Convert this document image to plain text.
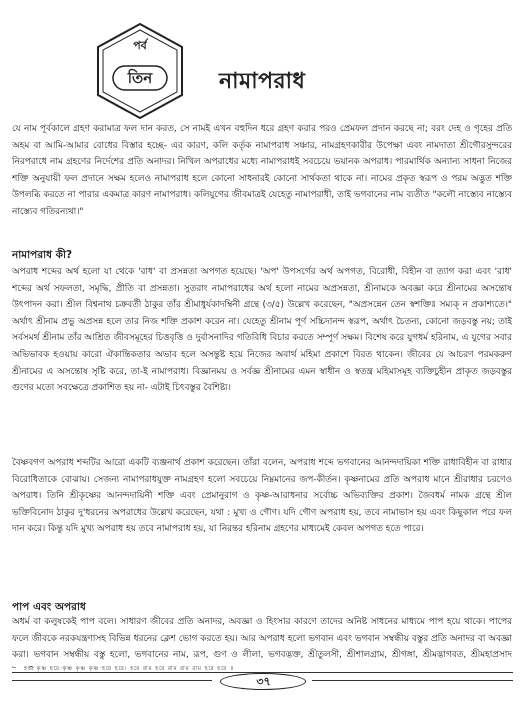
পর্ব
তিন	নামাপরাধ
যে নাম পূর্বকালে গ্রহণ করামাত্র ফল দান করত, সে নামই এখন বহুদিন ধরে গ্রহণ করার পরও প্রেমফল প্রদান করছে না; বরং দেহ ও গৃহের প্রতি অহম বা আমি-আমার বোধের বিস্তার হচ্ছে- এর কারণ, কলি কর্তৃক নামাপরাধ সঞ্চার, নামগ্রহণকারীর উপেক্ষা এবং নামদাতা শ্রীগৌরসুন্দরের নিরপরাধে নাম গ্রহণের নির্দেশের প্রতি অনাদর। নিখিল অপরাধের মধ্যে নামাপরাধই সবচেয়ে ভয়ানক অপরাধ। পারমার্থিক অন্যান্য সাধনা নিজের শক্তি অনুযায়ী ফল প্রদানে সক্ষম হলেও নামাপরাধ হলে কোনো সাধনারই কোনো সার্থকতা থাকে না। নামের প্রকৃত স্বরূপ ও পরম অদ্ভুত শক্তি উপলব্ধি করতে না পারার একমাত্র কারণ নামাপরাধ। কলিযুগের জীবমাত্রই যেহেতু নামাপরাধী, তাই ভগবানের নাম ব্যতীত "কলৌ নাস্ত্যেব নাস্ত্যেব নাস্ত্যেব গতিরন্যথা।"
নামাপরাধ কী?
অপরাধ শব্দের অর্থ হলো যা থেকে 'রাধ' বা প্রসন্নতা অপগত হয়েছে। 'অপ' উপসর্গের অর্থ অপগত, বিরোধী, বিহীন বা ত্যাগ করা এবং 'রাধ' শব্দের অর্থ সফলতা, সমৃদ্ধি, প্রীতি বা প্রসন্নতা। সুতরাং নামাপরাধের অর্থ হলো নামের অপ্রসন্নতা, শ্রীনামকে অবজ্ঞা করে শ্রীনামের অসন্তোষ উৎপাদন করা। শ্রীল বিশ্বনাথ চক্রবর্তী ঠাকুর তাঁর শ্রীমাধুর্যকাদম্বিনী গ্রন্থে (৩/৫) উল্লেখ করেছেন, "অপ্রসন্নেন তেন স্বশক্তিঃ সম্যক্ ন প্রকাশ্যতে।" অর্থাৎ শ্রীনাম প্রভু অপ্রসন্ন হলে তার নিজ শক্তি প্রকাশ করেন না। যেহেতু শ্রীনাম পূর্ণ সচ্চিদানন্দ স্বরূপ, অর্থাৎ চৈতন্য, কোনো জড়বস্তু নয়; তাই সর্বসমর্থ শ্রীনাম তাঁর আশ্রিত জীবসমূহের চিত্তবৃত্তি ও দুর্বাসনাদির গতিবিধি বিচার করতে সম্পূর্ণ সক্ষম। বিশেষ করে যুগধর্ম হরিনাম, এ যুগের সবার অভিভাবক হওয়ায় কারো ঐকান্তিকতার অভাব হলে অসন্তুষ্ট হয়ে নিজের অবার্থ মহিমা প্রকাশে বিরত থাকেন। জীবের যে আচরণ পরমকরুণ শ্রীনামের এ অসন্তোষ সৃষ্টি করে, তা-ই নামাপরাধ। বিজ্ঞানময় ও সর্বজ্ঞ শ্রীনামের এমন স্বাধীন ও স্বতন্ত্র মহিমাসমূহ ব্যক্তিচুহীন প্রাকৃত জড়বস্তুর গুণের মতো সবক্ষেত্রে প্রকাশিত হয় না- এটাই চিৎবস্তুর বৈশিষ্ট্য।
বৈষ্ণবগণ অপরাধ শব্দটির আরো একটি ব্যঞ্জনার্থ প্রকাশ করেছেন। তাঁরা বলেন, অপরাধ শব্দে ভগবানের আনন্দদায়িকা শক্তি রাধাবিহীন বা রাধার বিরোধিতাকে বোঝায়। সেজন্য নামাপরাধযুক্ত নামগ্রহণ হলো সবচেয়ে নিম্নমানের জপ-কীর্তন। কৃষ্ণনামের প্রতি অপরাধ মানে শ্রীরাধার চরণেও অপরাধ। তিনি শ্রীকৃষ্ণের আনন্দদায়িনী শক্তি এবং প্রেমানুরাগ ও কৃষ্ণ-আরাধনার সর্বোচ্চ অভিব্যক্তির প্রকাশ। জৈবধর্ম নামক গ্রন্থে শ্রীল ভক্তিবিনোদ ঠাকুর দু'ধরনের অপরাধের উল্লেখ করেছেন, যথা : মুখ্য ও গৌণ। যদি গৌণ অপরাধ হয়, তবে নামাভাস হয় এবং কিছুকাল পরে ফল দান করে। কিন্তু যদি মুখ্য অপরাধ হয় তবে নামাপরাধ হয়, যা নিরন্তর হরিনাম গ্রহণের মাধ্যমেই কেবল অপগত হতে পারে।
পাপ এবং অপরাধ
অধর্ম বা কলুষকেই পাপ বলে। সাধারণ জীবের প্রতি অনাদর, অবজ্ঞা ও হিংসার কারণে তাদের অনিষ্ট সাধনের মাধ্যমে পাপ হয়ে থাকে। পাপের ফলে জীবকে নরকযন্ত্রণাসহ বিভিন্ন ধরনের ক্লেশ ভোগ করতে হয়। আর অপরাধ হলো ভগবান এবং ভগবান সম্বন্ধীয় বস্তুর প্রতি অনাদর বা অবজ্ঞা করা। ভগবান সম্বন্ধীয় বস্তু হলো, ভগবানের নাম, রূপ, গুণ ও লীলা, ভগবদ্ভক্ত, শ্রীতুলসী, শ্রীশালগ্রাম, শ্রীগঙ্গা, শ্রীমদ্ভাগবত, শ্রীমহাপ্রসাদ
হরে কৃষ্ণ হরে কৃষ্ণ কৃষ্ণ কৃষ্ণ হরে হরে। হরে রাম হরে রাম রাম রাম হরে হরে ॥
৩৭
